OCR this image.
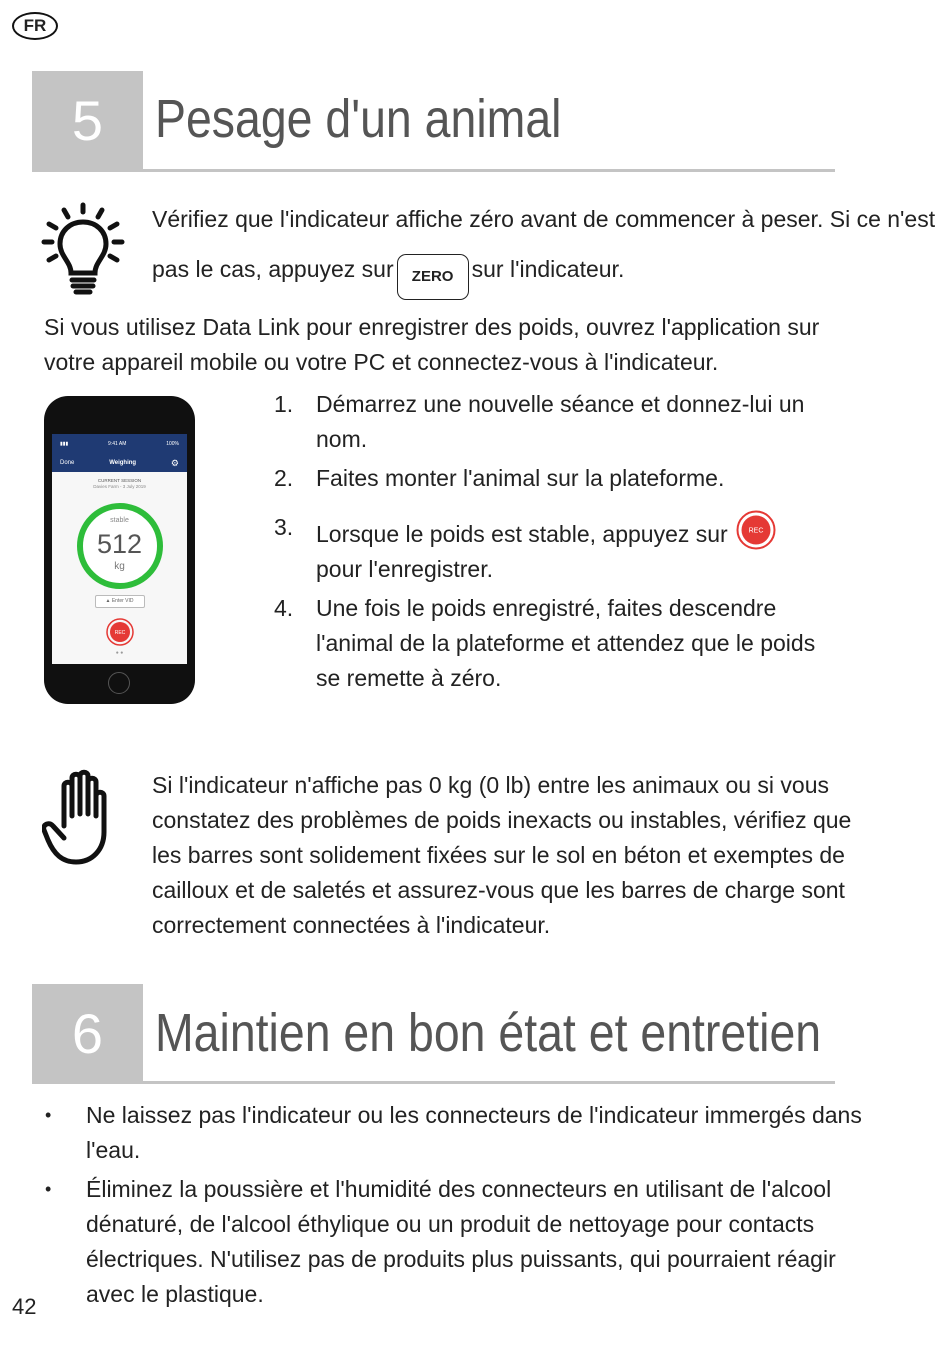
FR
5 Pesage d'un animal
Vérifiez que l'indicateur affiche zéro avant de commencer à peser. Si ce n'est
pas le cas, appuyez sur ZERO sur l'indicateur.
Si vous utilisez Data Link pour enregistrer des poids, ouvrez l'application sur votre appareil mobile ou votre PC et connectez-vous à l'indicateur.
▮▮▮	9:41 AM	100%
Done	Weighing	⚙
CURRENT SESSION
Davies Farm - 3 July 2019
stable
512
kg
▲ Enter VID
REC
● ●
1. Démarrez une nouvelle séance et donnez-lui un nom.
2. Faites monter l'animal sur la plateforme.
3. Lorsque le poids est stable, appuyez sur	REC
pour l'enregistrer.
4. Une fois le poids enregistré, faites descendre l'animal de la plateforme et attendez que le poids se remette à zéro.
Si l'indicateur n'affiche pas 0 kg (0 lb) entre les animaux ou si vous constatez des problèmes de poids inexacts ou instables, vérifiez que les barres sont solidement fixées sur le sol en béton et exemptes de cailloux et de saletés et assurez-vous que les barres de charge sont correctement connectées à l'indicateur.
6 Maintien en bon état et entretien
• Ne laissez pas l'indicateur ou les connecteurs de l'indicateur immergés dans l'eau.
• Éliminez la poussière et l'humidité des connecteurs en utilisant de l'alcool dénaturé, de l'alcool éthylique ou un produit de nettoyage pour contacts électriques. N'utilisez pas de produits plus puissants, qui pourraient réagir avec le plastique.
42
